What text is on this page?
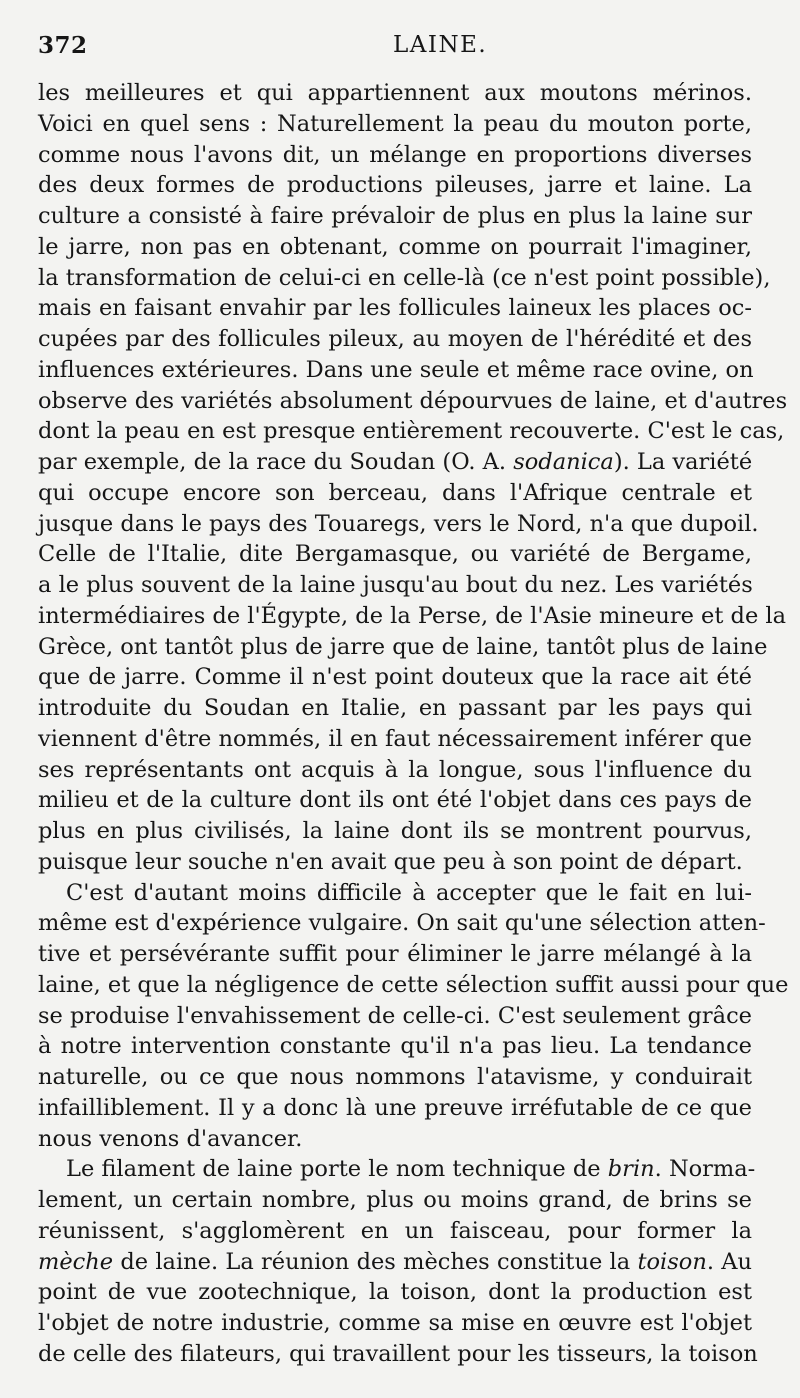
372	LAINE.
les meilleures et qui appartiennent aux moutons mérinos.
Voici en quel sens : Naturellement la peau du mouton porte,
comme nous l'avons dit, un mélange en proportions diverses
des deux formes de productions pileuses, jarre et laine. La
culture a consisté à faire prévaloir de plus en plus la laine sur
le jarre, non pas en obtenant, comme on pourrait l'imaginer,
la transformation de celui-ci en celle-là (ce n'est point possible),
mais en faisant envahir par les follicules laineux les places oc-
cupées par des follicules pileux, au moyen de l'hérédité et des
influences extérieures. Dans une seule et même race ovine, on
observe des variétés absolument dépourvues de laine, et d'autres
dont la peau en est presque entièrement recouverte. C'est le cas,
par exemple, de la race du Soudan (O. A. sodanica). La variété
qui occupe encore son berceau, dans l'Afrique centrale et
jusque dans le pays des Touaregs, vers le Nord, n'a que dupoil.
Celle de l'Italie, dite Bergamasque, ou variété de Bergame,
a le plus souvent de la laine jusqu'au bout du nez. Les variétés
intermédiaires de l'Égypte, de la Perse, de l'Asie mineure et de la
Grèce, ont tantôt plus de jarre que de laine, tantôt plus de laine
que de jarre. Comme il n'est point douteux que la race ait été
introduite du Soudan en Italie, en passant par les pays qui
viennent d'être nommés, il en faut nécessairement inférer que
ses représentants ont acquis à la longue, sous l'influence du
milieu et de la culture dont ils ont été l'objet dans ces pays de
plus en plus civilisés, la laine dont ils se montrent pourvus,
puisque leur souche n'en avait que peu à son point de départ.
C'est d'autant moins difficile à accepter que le fait en lui-
même est d'expérience vulgaire. On sait qu'une sélection atten-
tive et persévérante suffit pour éliminer le jarre mélangé à la
laine, et que la négligence de cette sélection suffit aussi pour que
se produise l'envahissement de celle-ci. C'est seulement grâce
à notre intervention constante qu'il n'a pas lieu. La tendance
naturelle, ou ce que nous nommons l'atavisme, y conduirait
infailliblement. Il y a donc là une preuve irréfutable de ce que
nous venons d'avancer.
Le filament de laine porte le nom technique de brin. Norma-
lement, un certain nombre, plus ou moins grand, de brins se
réunissent, s'agglomèrent en un faisceau, pour former la
mèche de laine. La réunion des mèches constitue la toison. Au
point de vue zootechnique, la toison, dont la production est
l'objet de notre industrie, comme sa mise en œuvre est l'objet
de celle des filateurs, qui travaillent pour les tisseurs, la toison
